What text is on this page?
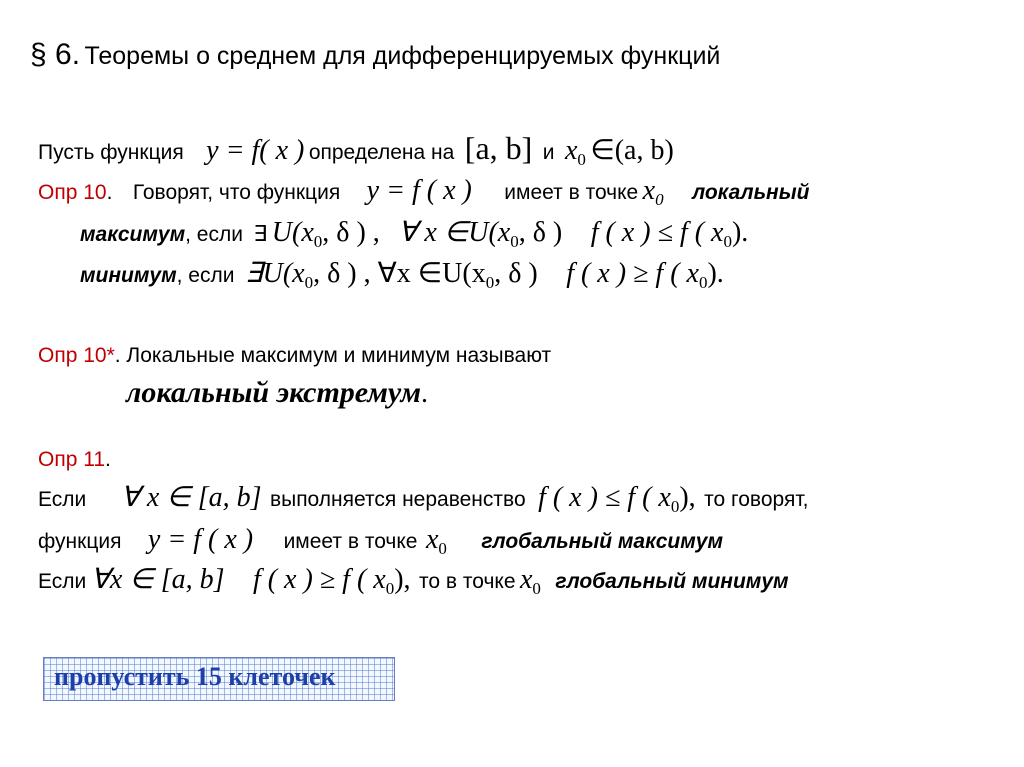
§ 6. Теоремы о среднем для дифференцируемых функций
Пусть функция y = f( x ) определена на [a, b] и x0 ∈(a, b)
Опр 10. Говорят, что функция y = f ( x ) имеет в точке x0 локальный
максимум, если ∃ U(x0, δ ) , ∀ x ∈U(x0, δ ) f ( x ) ≤ f ( x0).
минимум, если ∃U(x0, δ ) , ∀x ∈U(x0, δ ) f ( x ) ≥ f ( x0).
Опр 10*. Локальные максимум и минимум называют
локальный экстремум.
Опр 11.
Если ∀ x ∈ [a, b] выполняется неравенство f ( x ) ≤ f ( x0), то говорят,
функция y = f ( x ) имеет в точке x0 глобальный максимум
Если ∀x ∈ [a, b] f ( x ) ≥ f ( x0), то в точке x0 глобальный минимум
пропустить 15 клеточек
